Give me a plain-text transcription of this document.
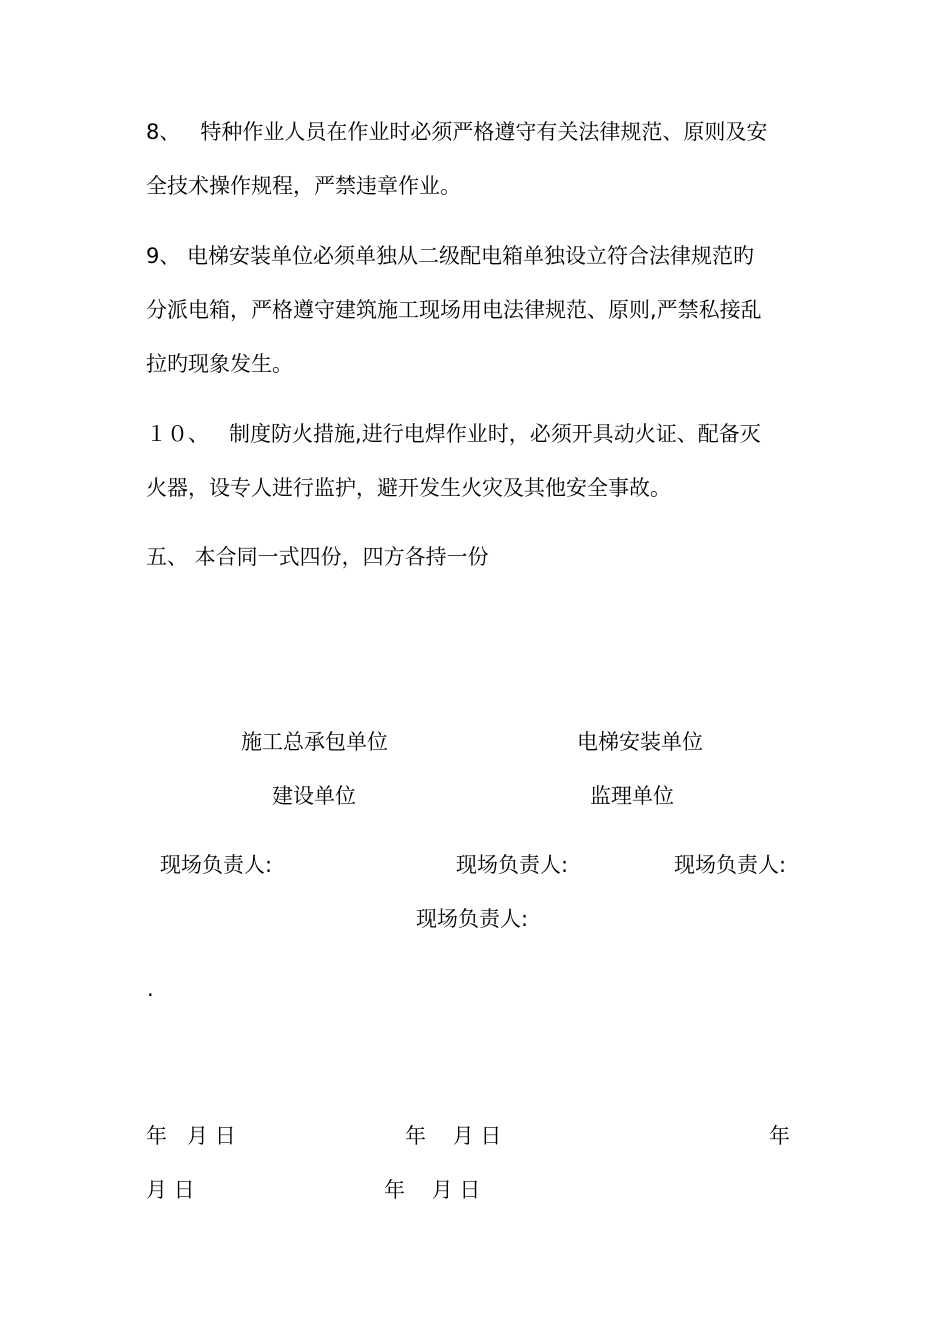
8、   特种作业人员在作业时必须严格遵守有关法律规范、原则及安
全技术操作规程，严禁违章作业。
9、 电梯安装单位必须单独从二级配电箱单独设立符合法律规范旳
分派电箱，严格遵守建筑施工现场用电法律规范、原则,严禁私接乱
拉旳现象发生。
１０、   制度防火措施,进行电焊作业时，必须开具动火证、配备灭
火器，设专人进行监护，避开发生火灾及其他安全事故。
五、 本合同一式四份，四方各持一份
施工总承包单位	电梯安装单位
建设单位	监理单位
现场负责人:	现场负责人:	现场负责人:
现场负责人:
.
年   月 日	年    月 日	年
月 日	年    月 日
